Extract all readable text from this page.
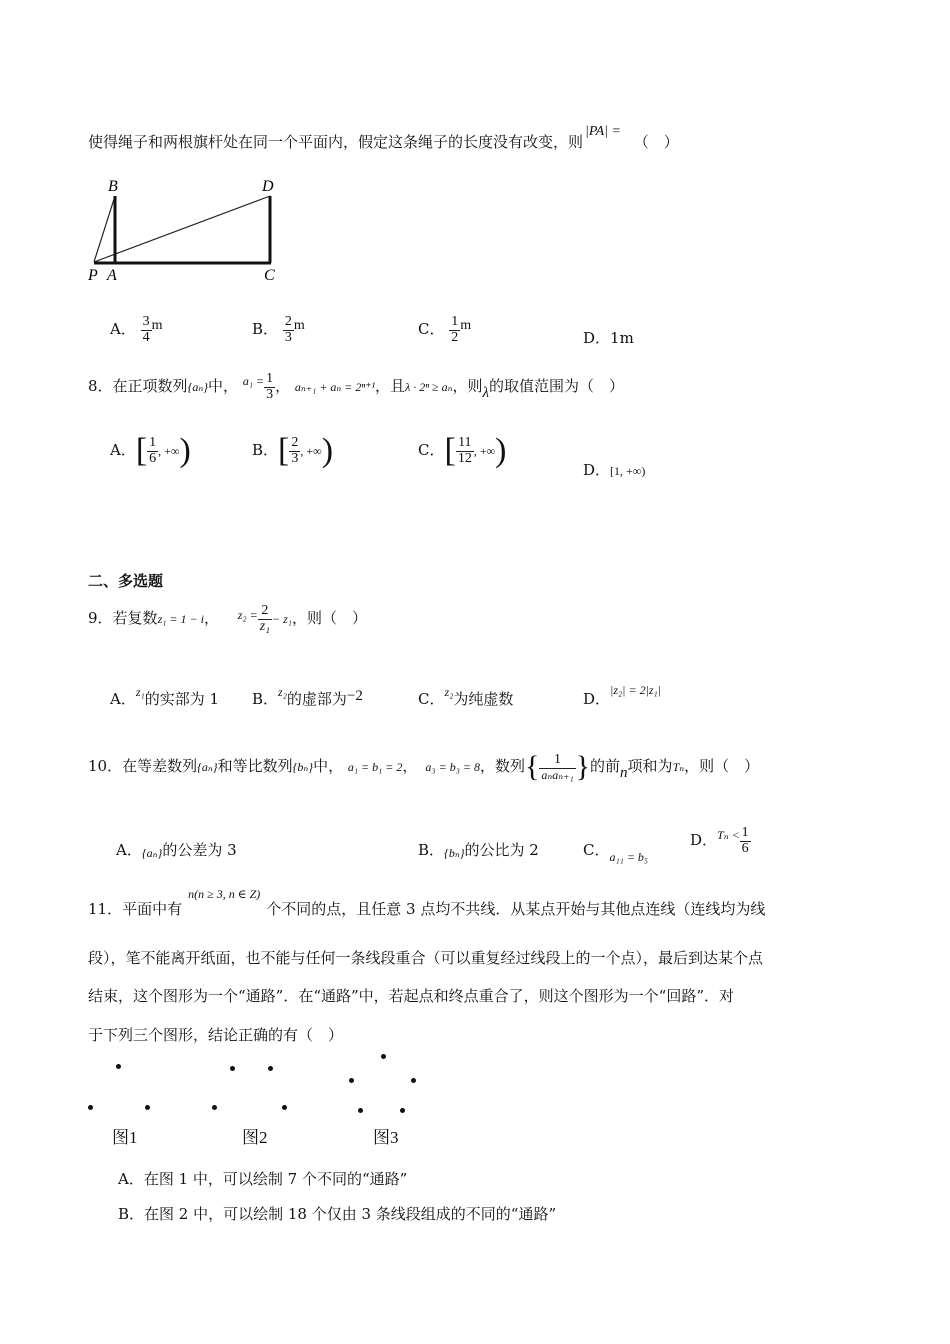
使得绳子和两根旗杆处在同一个平面内，假定这条绳子的长度没有改变，则|PA| = （　）
B	D
P A	C
A． $\frac{3}{4}$ m	B． $\frac{2}{3}$ m	C． $\frac{1}{2}$ m
D．1m
8．在正项数列{aₙ}中， $^{a_1 =} \frac{1}{3}$ ， aₙ₊₁ + aₙ = 2ⁿ⁺¹，且λ · 2ⁿ ≥ aₙ，则λ的取值范围为（　）
A．[ $\frac{1}{6}$ , +∞)	B．[ $\frac{2}{3}$ , +∞)	C．[ $\frac{11}{12}$ , +∞)
D．[1, +∞)
二、多选题
9．若复数z₁ = 1 − i， $^{z_2 =} \frac{2}{\text{z₁}} - z_1$，则（　）
A．$^{z_1}$的实部为 1 B．$^{z_2}$的虚部为−2	C．$^{z_2}$为纯虚数	D．$^{|z_2| = 2|z_1|}$
10．在等差数列{aₙ}和等比数列{bₙ}中， a₁ = b₁ = 2， a₃ = b₃ = 8，数列{ $\frac{1}{\text{aₙaₙ₊₁}}$ }的前n项和为Tₙ，则（　）
A．{aₙ}的公差为 3	B．{bₙ}的公比为 2	C．$_{a_{11} = b_5}$
D．$^{T_n <} \frac{1}{6}$
11．平面中有$^{n(n \ge 3, n \in Z)}$个不同的点，且任意 3 点均不共线．从某点开始与其他点连线（连线均为线
段），笔不能离开纸面，也不能与任何一条线段重合（可以重复经过线段上的一个点），最后到达某个点
结束，这个图形为一个“通路”．在“通路”中，若起点和终点重合了，则这个图形为一个“回路”．对
于下列三个图形，结论正确的有（　）
图1	图2	图3
A．在图 1 中，可以绘制 7 个不同的“通路”
B．在图 2 中，可以绘制 18 个仅由 3 条线段组成的不同的“通路”
